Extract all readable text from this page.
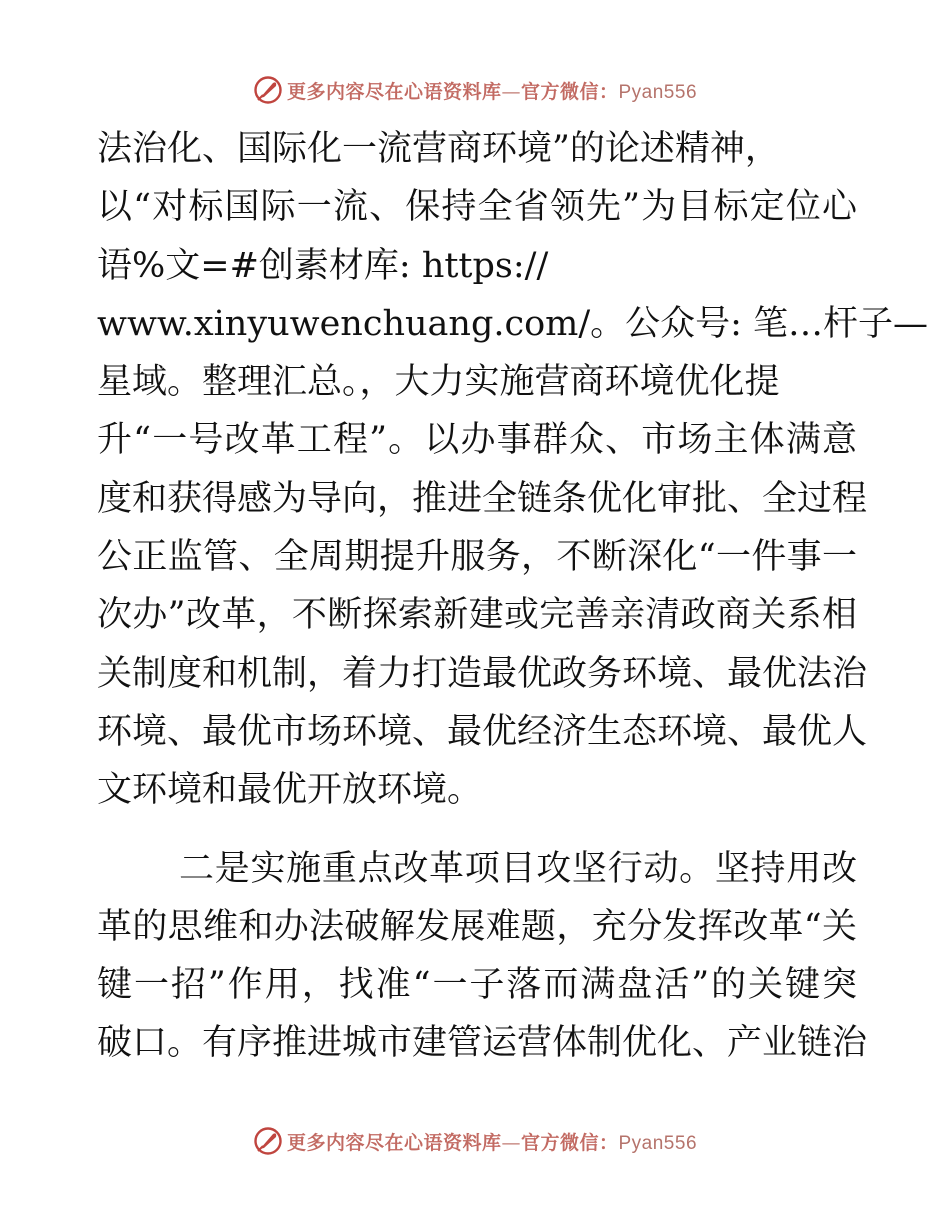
更多内容尽在心语资料库—官方微信：Pyan556
法治化、国际化一流营商环境”的论述精神，
以“对标国际一流、保持全省领先”为目标定位心
语%文=#创素材库: https://
www.xinyuwenchuang.com/。公众号: 笔…杆子—
星域。整理汇总。，大力实施营商环境优化提
升“一号改革工程”。以办事群众、市场主体满意
度和获得感为导向，推进全链条优化审批、全过程
公正监管、全周期提升服务，不断深化“一件事一
次办”改革，不断探索新建或完善亲清政商关系相
关制度和机制，着力打造最优政务环境、最优法治
环境、最优市场环境、最优经济生态环境、最优人
文环境和最优开放环境。
二是实施重点改革项目攻坚行动。坚持用改
革的思维和办法破解发展难题，充分发挥改革“关
键一招”作用，找准“一子落而满盘活”的关键突
破口。有序推进城市建管运营体制优化、产业链治
更多内容尽在心语资料库—官方微信：Pyan556
